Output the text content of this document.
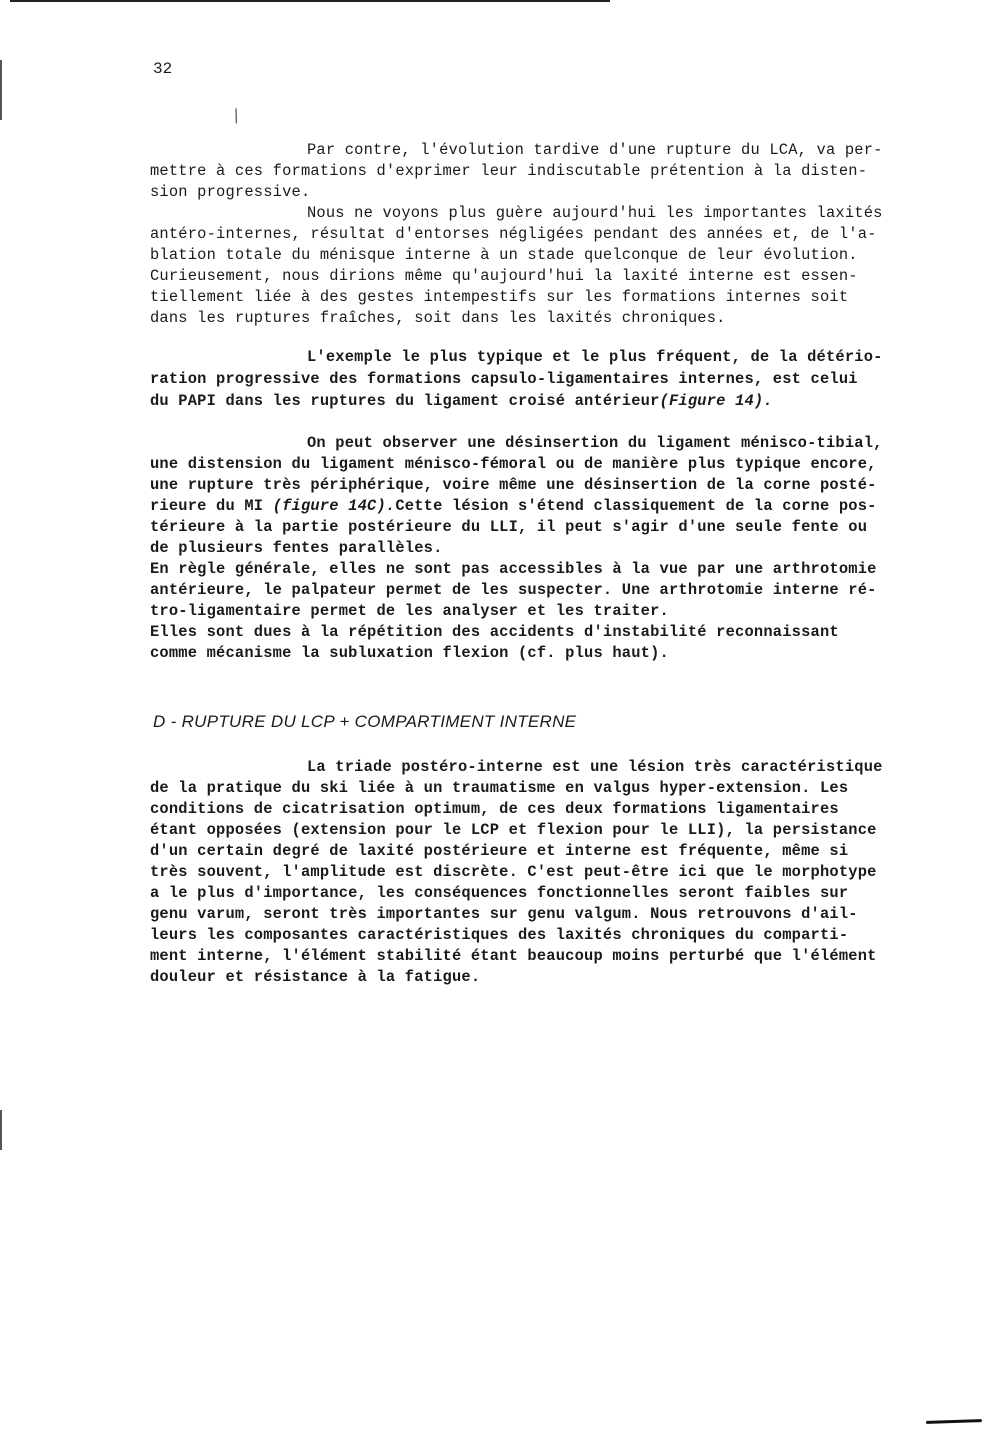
32
/
Par contre, l'évolution tardive d'une rupture du LCA, va per-
mettre à ces formations d'exprimer leur indiscutable prétention à la disten-
sion progressive.
Nous ne voyons plus guère aujourd'hui les importantes laxités
antéro-internes, résultat d'entorses négligées pendant des années et, de l'a-
blation totale du ménisque interne à un stade quelconque de leur évolution.
Curieusement, nous dirions même qu'aujourd'hui la laxité interne est essen-
tiellement liée à des gestes intempestifs sur les formations internes soit
dans les ruptures fraîches, soit dans les laxités chroniques.
L'exemple le plus typique et le plus fréquent, de la détério-
ration progressive des formations capsulo-ligamentaires internes, est celui
du PAPI dans les ruptures du ligament croisé antérieur(Figure 14).
On peut observer une désinsertion du ligament ménisco-tibial,
une distension du ligament ménisco-fémoral ou de manière plus typique encore,
une rupture très périphérique, voire même une désinsertion de la corne posté-
rieure du MI (figure 14C).Cette lésion s'étend classiquement de la corne pos-
térieure à la partie postérieure du LLI, il peut s'agir d'une seule fente ou
de plusieurs fentes parallèles.
En règle générale, elles ne sont pas accessibles à la vue par une arthrotomie
antérieure, le palpateur permet de les suspecter. Une arthrotomie interne ré-
tro-ligamentaire permet de les analyser et les traiter.
Elles sont dues à la répétition des accidents d'instabilité reconnaissant
comme mécanisme la subluxation flexion (cf. plus haut).
D - RUPTURE DU LCP + COMPARTIMENT INTERNE
La triade postéro-interne est une lésion très caractéristique
de la pratique du ski liée à un traumatisme en valgus hyper-extension. Les
conditions de cicatrisation optimum, de ces deux formations ligamentaires
étant opposées (extension pour le LCP et flexion pour le LLI), la persistance
d'un certain degré de laxité postérieure et interne est fréquente, même si
très souvent, l'amplitude est discrète. C'est peut-être ici que le morphotype
a le plus d'importance, les conséquences fonctionnelles seront faibles sur
genu varum, seront très importantes sur genu valgum. Nous retrouvons d'ail-
leurs les composantes caractéristiques des laxités chroniques du comparti-
ment interne, l'élément stabilité étant beaucoup moins perturbé que l'élément
douleur et résistance à la fatigue.
